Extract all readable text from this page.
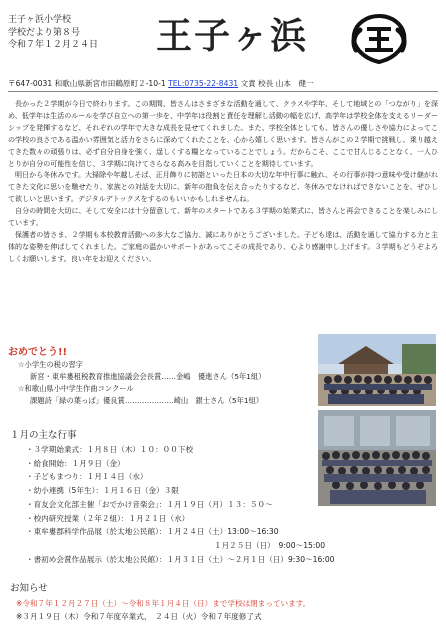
王子ヶ浜小学校
学校だより第８号
令和７年１２月２４日	王子ヶ浜
〒647-0031 和歌山県新宮市田鶴原町２-10-1 TEL:0735-22-8431 文責 校長 山本　健一

長かった２学期が今日で終わります。この期間、皆さんはさまざまな活動を通して、クラスや学年、そして地域との「つながり」を深め、低学年は生活のルールを学び自立への第一歩を、中学年は役割と責任を理解し活動の幅を広げ、高学年は学校全体を支えるリーダーシップを発揮するなど、それぞれの学年で大きな成長を見せてくれました。また、学校全体としても、皆さんの優しさや協力によってこの学校の良さである温かい雰囲気と活力をさらに深めてくれたことを、心から嬉しく思います。皆さんがこの２学期で挑戦し、乗り越えてきた数々の頑張りは、必ず自分自身を強く、逞しくする糧となっていることでしょう。だからこそ、ここで甘んじることなく、一人ひとりが自分の可能性を信じ、３学期に向けてさらなる高みを目指していくことを期待しています。

明日から冬休みです。大掃除や年越しそば、正月飾りに初詣といった日本の大切な年中行事に触れ、その行事が持つ意味や受け継がれてきた文化に思いを馳せたり、家族との対話を大切に、新年の抱負を伝え合ったりするなど、冬休みでなければできないことを、ぜひして欲しいと思います。デジタルデトックスをするのもいいかもしれませんね。

自分の時間を大切に、そして安全には十分留意して、新年のスタートである３学期の始業式に、皆さんと再会できることを楽しみにしています。

保護者の皆さま、２学期も本校教育活動への多大なご協力、誠にありがとうございました。子ども達は、活動を通して協力する力と主体的な姿勢を伸ばしてくれました。ご家庭の温かいサポートがあってこその成長であり、心より感謝申し上げます。３学期もどうぞよろしくお願いします。良い年をお迎えください。

おめでとう!!
☆小学生の税の習字
新宮・東牟婁租税教育推進協議会会長賞‥‥‥金嶋　優進さん（5年1組）
☆和歌山県小中学生作曲コンクール
課題詩「緑の葉っぱ」優良賞‥‥‥‥‥‥‥‥‥‥崎山　銀士さん（5年1組）
１月の主な行事
・３学期始業式：１月８日（木）１０：００下校
・給食開始：１月９日（金）
・子どもまつり：１月１４日（水）
・幼小連携（5年生）：１月１６日（金）３限
・育友会文化部主催「おでかけ音楽会」：１月１９日（月）１３：５０～
・校内研究授業（２年２組）：１月２１日（水）
・東牟婁郡科学作品展（於太地公民館）：１月２４日（土）13:00～16:30
１月２５日（日）　9:00～15:00
・書初め会賞作品展示（於太地公民館）：１月３１日（土）～２月１日（日）9:30～16:00
お知らせ
※令和７年１２月２７日（土）～令和８年１月４日（日）まで学校は閉まっています。
※３月１９日（木）令和７年度卒業式、　２４日（火）令和７年度修了式
